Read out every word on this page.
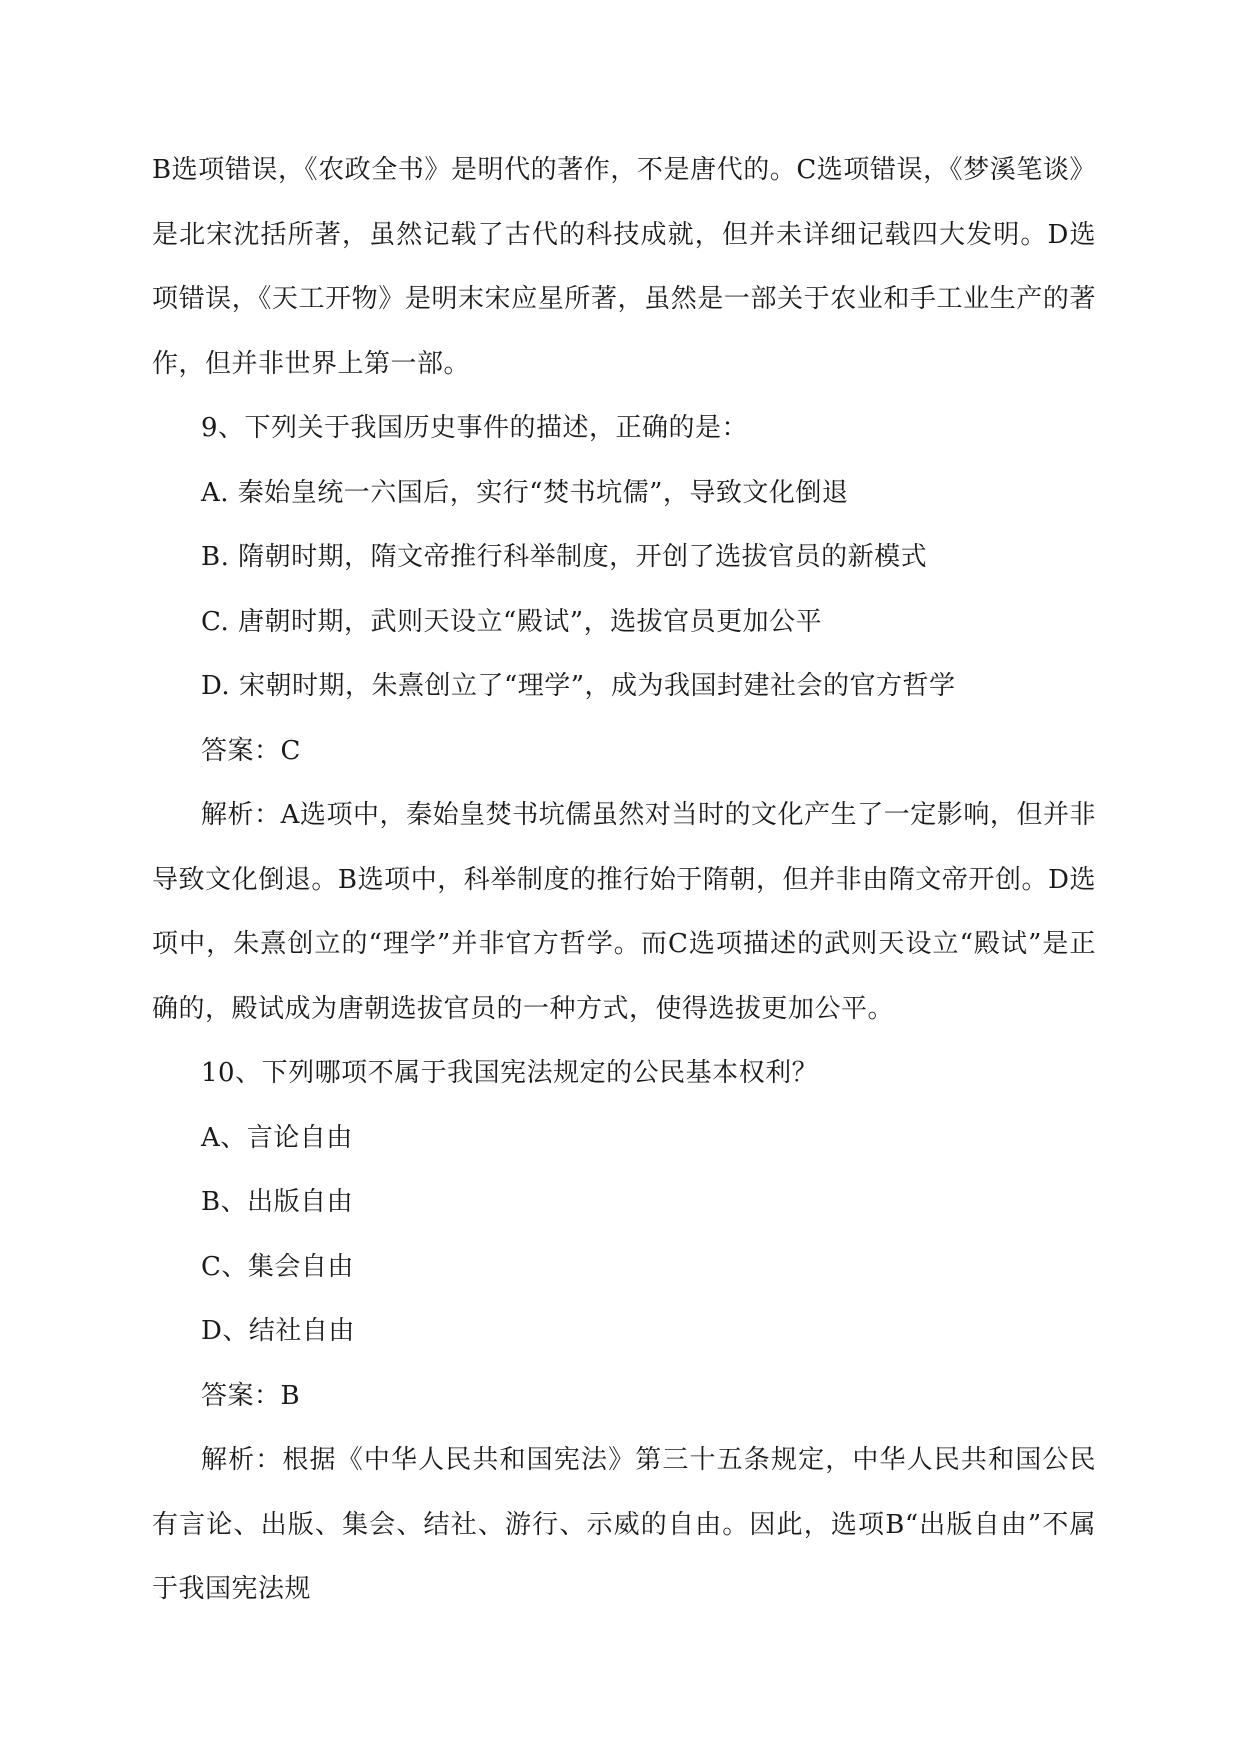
B选项错误，《农政全书》是明代的著作，不是唐代的。C选项错误，《梦溪笔谈》是北宋沈括所著，虽然记载了古代的科技成就，但并未详细记载四大发明。D选项错误，《天工开物》是明末宋应星所著，虽然是一部关于农业和手工业生产的著作，但并非世界上第一部。

9、下列关于我国历史事件的描述，正确的是：

A. 秦始皇统一六国后，实行“焚书坑儒”，导致文化倒退

B. 隋朝时期，隋文帝推行科举制度，开创了选拔官员的新模式

C. 唐朝时期，武则天设立“殿试”，选拔官员更加公平

D. 宋朝时期，朱熹创立了“理学”，成为我国封建社会的官方哲学

答案：C

解析：A选项中，秦始皇焚书坑儒虽然对当时的文化产生了一定影响，但并非导致文化倒退。B选项中，科举制度的推行始于隋朝，但并非由隋文帝开创。D选项中，朱熹创立的“理学”并非官方哲学。而C选项描述的武则天设立“殿试”是正确的，殿试成为唐朝选拔官员的一种方式，使得选拔更加公平。

10、下列哪项不属于我国宪法规定的公民基本权利？

A、言论自由

B、出版自由

C、集会自由

D、结社自由

答案：B

解析：根据《中华人民共和国宪法》第三十五条规定，中华人民共和国公民有言论、出版、集会、结社、游行、示威的自由。因此，选项B“出版自由”不属于我国宪法规
